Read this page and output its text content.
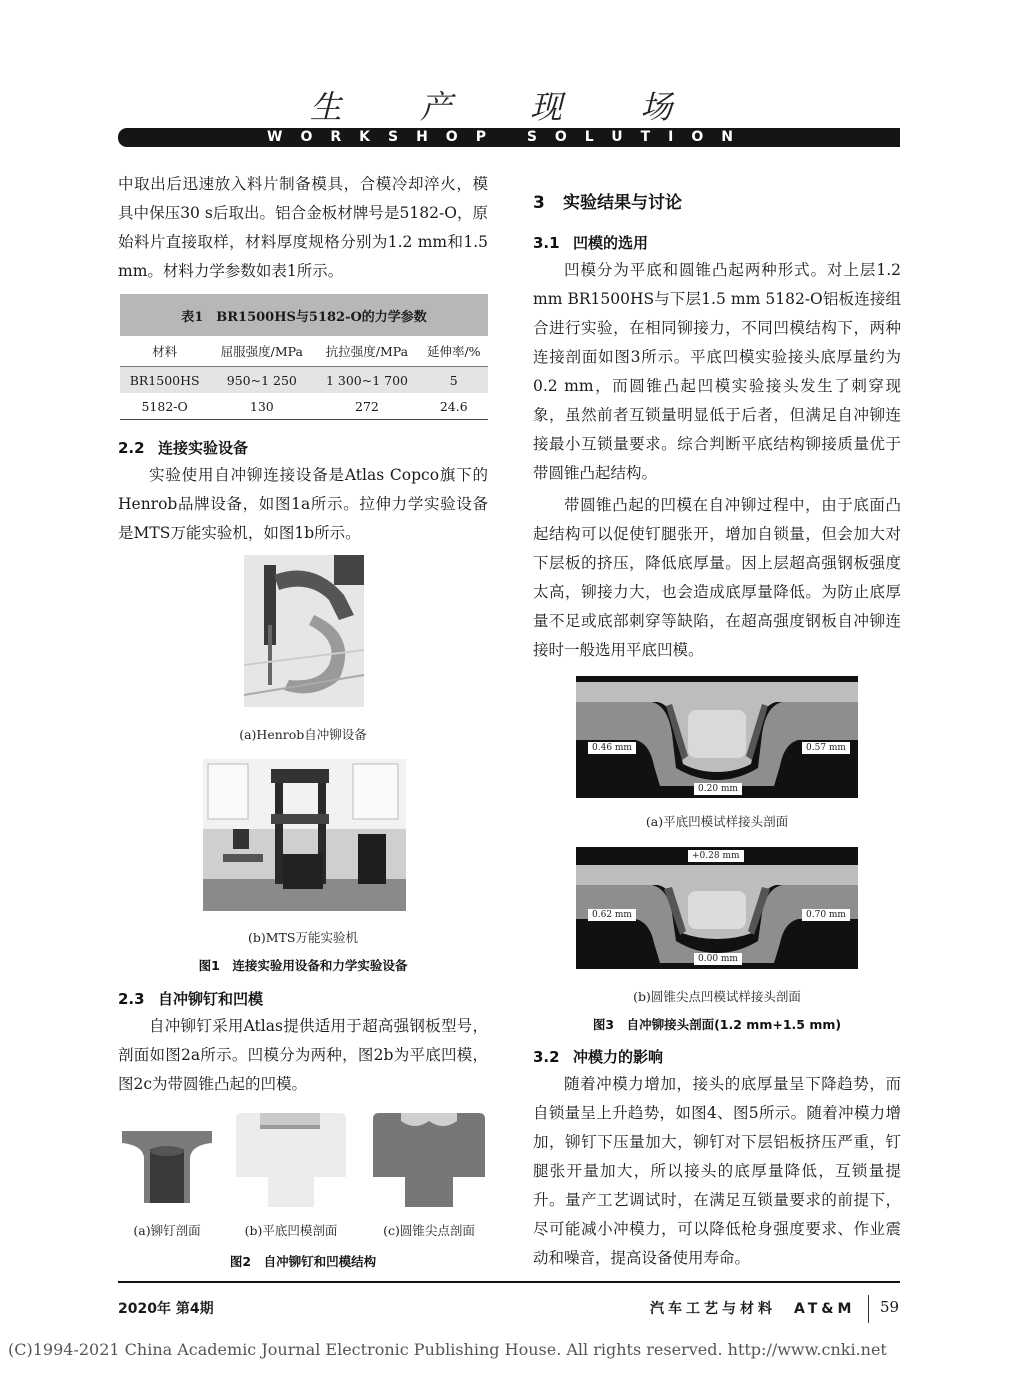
生 产 现 场
WORKSHOP SOLUTION

中取出后迅速放入料片制备模具，合模冷却淬火，模具中保压30 s后取出。铝合金板材牌号是5182-O，原始料片直接取样，材料厚度规格分别为1.2 mm和1.5 mm。材料力学参数如表1所示。

表1　BR1500HS与5182-O的力学参数			
材料	屈服强度/MPa	抗拉强度/MPa	延伸率/%
BR1500HS	950~1 250	1 300~1 700	5
5182-O	130	272	24.6
2.2 连接实验设备

实验使用自冲铆连接设备是Atlas Copco旗下的Henrob品牌设备，如图1a所示。拉伸力学实验设备是MTS万能实验机，如图1b所示。

(a)Henrob自冲铆设备
(b)MTS万能实验机
图1　连接实验用设备和力学实验设备
2.3 自冲铆钉和凹模

自冲铆钉采用Atlas提供适用于超高强钢板型号，剖面如图2a所示。凹模分为两种，图2b为平底凹模，图2c为带圆锥凸起的凹模。

(a)铆钉剖面	(b)平底凹模剖面	(c)圆锥尖点剖面
图2　自冲铆钉和凹模结构
3 实验结果与讨论
3.1 凹模的选用

凹模分为平底和圆锥凸起两种形式。对上层1.2 mm BR1500HS与下层1.5 mm 5182-O铝板连接组合进行实验，在相同铆接力，不同凹模结构下，两种连接剖面如图3所示。平底凹模实验接头底厚量约为0.2 mm，而圆锥凸起凹模实验接头发生了刺穿现象，虽然前者互锁量明显低于后者，但满足自冲铆连接最小互锁量要求。综合判断平底结构铆接质量优于带圆锥凸起结构。

带圆锥凸起的凹模在自冲铆过程中，由于底面凸起结构可以促使钉腿张开，增加自锁量，但会加大对下层板的挤压，降低底厚量。因上层超高强钢板强度太高，铆接力大，也会造成底厚量降低。为防止底厚量不足或底部刺穿等缺陷，在超高强度钢板自冲铆连接时一般选用平底凹模。

0.46 mm	0.57 mm
0.20 mm
(a)平底凹模试样接头剖面
+0.28 mm
0.62 mm	0.70 mm
0.00 mm
(b)圆锥尖点凹模试样接头剖面
图3　自冲铆接头剖面(1.2 mm+1.5 mm)
3.2 冲模力的影响

随着冲模力增加，接头的底厚量呈下降趋势，而自锁量呈上升趋势，如图4、图5所示。随着冲模力增加，铆钉下压量加大，铆钉对下层铝板挤压严重，钉腿张开量加大，所以接头的底厚量降低，互锁量提升。量产工艺调试时，在满足互锁量要求的前提下，尽可能减小冲模力，可以降低枪身强度要求、作业震动和噪音，提高设备使用寿命。

2020年 第4期	汽车工艺与材料　AT&M 59
(C)1994-2021 China Academic Journal Electronic Publishing House. All rights reserved. http://www.cnki.net
